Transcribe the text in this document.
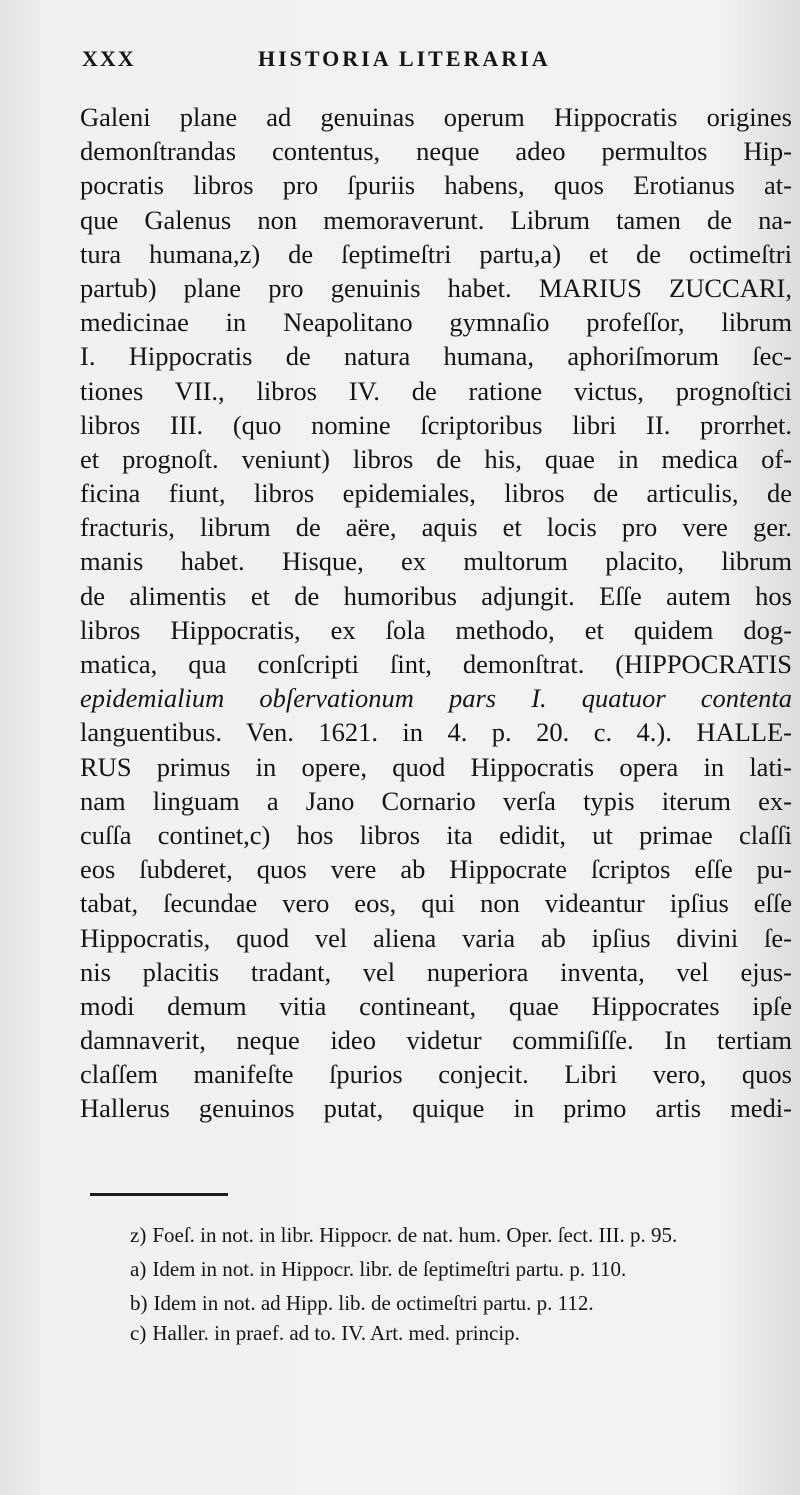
XXX	HISTORIA LITERARIA
Galeni plane ad genuinas operum Hippocratis origines
demonſtrandas contentus, neque adeo permultos Hip-
pocratis libros pro ſpuriis habens, quos Erotianus at-
que Galenus non memoraverunt. Librum tamen de na-
tura humana,z) de ſeptimeſtri partu,a) et de octimeſtri
partub) plane pro genuinis habet. MARIUS ZUCCARI,
medicinae in Neapolitano gymnaſio profeſſor, librum
I. Hippocratis de natura humana, aphoriſmorum ſec-
tiones VII., libros IV. de ratione victus, prognoſtici
libros III. (quo nomine ſcriptoribus libri II. prorrhet.
et prognoſt. veniunt) libros de his, quae in medica of-
ficina fiunt, libros epidemiales, libros de articulis, de
fracturis, librum de aëre, aquis et locis pro vere ger.
manis habet. Hisque, ex multorum placito, librum
de alimentis et de humoribus adjungit. Eſſe autem hos
libros Hippocratis, ex ſola methodo, et quidem dog-
matica, qua conſcripti ſint, demonſtrat. (HIPPOCRATIS
epidemialium obſervationum pars I. quatuor contenta
languentibus. Ven. 1621. in 4. p. 20. c. 4.). HALLE-
RUS primus in opere, quod Hippocratis opera in lati-
nam linguam a Jano Cornario verſa typis iterum ex-
cuſſa continet,c) hos libros ita edidit, ut primae claſſi
eos ſubderet, quos vere ab Hippocrate ſcriptos eſſe pu-
tabat, ſecundae vero eos, qui non videantur ipſius eſſe
Hippocratis, quod vel aliena varia ab ipſius divini ſe-
nis placitis tradant, vel nuperiora inventa, vel ejus-
modi demum vitia contineant, quae Hippocrates ipſe
damnaverit, neque ideo videtur commiſiſſe. In tertiam
claſſem manifeſte ſpurios conjecit. Libri vero, quos
Hallerus genuinos putat, quique in primo artis medi-
z) Foeſ. in not. in libr. Hippocr. de nat. hum. Oper. ſect. III. p. 95.
a) Idem in not. in Hippocr. libr. de ſeptimeſtri partu. p. 110.
b) Idem in not. ad Hipp. lib. de octimeſtri partu. p. 112.
c) Haller. in praef. ad to. IV. Art. med. princip.
